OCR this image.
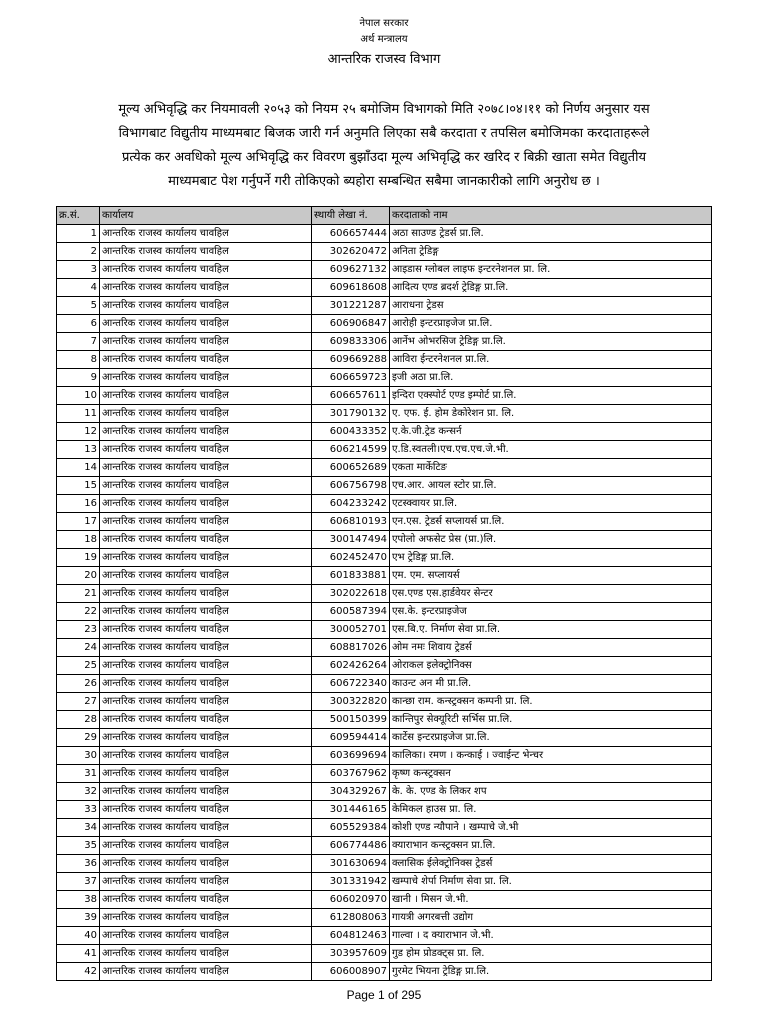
नेपाल सरकार
अर्थ मन्त्रालय
आन्तरिक राजस्व विभाग
मूल्य अभिवृद्धि कर नियमावली २०५३ को नियम २५ बमोजिम विभागको मिति २०७८।०४।११ को निर्णय अनुसार यस
विभागबाट विद्युतीय माध्यमबाट बिजक जारी गर्न अनुमति लिएका सबै करदाता र तपसिल बमोजिमका करदाताहरूले
प्रत्येक कर अवधिको मूल्य अभिवृद्धि कर विवरण बुझाँउदा मूल्य अभिवृद्धि कर खरिद र बिक्री खाता समेत विद्युतीय
माध्यमबाट पेश गर्नुपर्ने गरी तोकिएको ब्यहोरा सम्बन्धित सबैमा जानकारीको लागि अनुरोध छ ।
क्र.सं.	कार्यालय	स्थायी लेखा नं.	करदाताको नाम
1	आन्तरिक राजस्व कार्यालय चावहिल	606657444	अठा साउण्ड ट्रेडर्स प्रा.लि.
2	आन्तरिक राजस्व कार्यालय चावहिल	302620472	अनिता ट्रेडिङ्ग
3	आन्तरिक राजस्व कार्यालय चावहिल	609627132	आइडास ग्लोबल लाइफ इन्टरनेशनल प्रा. लि.
4	आन्तरिक राजस्व कार्यालय चावहिल	609618608	आदित्य एण्ड ब्रदर्श ट्रेडिङ्ग प्रा.लि.
5	आन्तरिक राजस्व कार्यालय चावहिल	301221287	आराधना ट्रेडस
6	आन्तरिक राजस्व कार्यालय चावहिल	606906847	आरोही इन्टरप्राइजेज प्रा.लि.
7	आन्तरिक राजस्व कार्यालय चावहिल	609833306	आर्नेभ ओभरसिज ट्रेडिङ्ग प्रा.लि.
8	आन्तरिक राजस्व कार्यालय चावहिल	609669288	आविरा ईन्टरनेशनल प्रा.लि.
9	आन्तरिक राजस्व कार्यालय चावहिल	606659723	इजी अठा प्रा.लि.
10	आन्तरिक राजस्व कार्यालय चावहिल	606657611	इन्दिरा एक्स्पोर्ट एण्ड इम्पोर्ट प्रा.लि.
11	आन्तरिक राजस्व कार्यालय चावहिल	301790132	ए. एफ. ई. होम डेकोरेशन प्रा. लि.
12	आन्तरिक राजस्व कार्यालय चावहिल	600433352	ए.के.जी.ट्रेड कन्सर्न
13	आन्तरिक राजस्व कार्यालय चावहिल	606214599	ए.डि.स्वतली।एच.एच.एच.जे.भी.
14	आन्तरिक राजस्व कार्यालय चावहिल	600652689	एकता मार्केटिङ
15	आन्तरिक राजस्व कार्यालय चावहिल	606756798	एच.आर. आयल स्टोर प्रा.लि.
16	आन्तरिक राजस्व कार्यालय चावहिल	604233242	एटस्क्वायर प्रा.लि.
17	आन्तरिक राजस्व कार्यालय चावहिल	606810193	एन.एस. ट्रेडर्स सप्लायर्स प्रा.लि.
18	आन्तरिक राजस्व कार्यालय चावहिल	300147494	एपोलो अफसेट प्रेस (प्रा.)लि.
19	आन्तरिक राजस्व कार्यालय चावहिल	602452470	एभ ट्रेडिङ्ग प्रा.लि.
20	आन्तरिक राजस्व कार्यालय चावहिल	601833881	एम. एम. सप्लायर्स
21	आन्तरिक राजस्व कार्यालय चावहिल	302022618	एस.एण्ड एस.हार्डवेयर सेन्टर
22	आन्तरिक राजस्व कार्यालय चावहिल	600587394	एस.के. इन्टरप्राइजेज
23	आन्तरिक राजस्व कार्यालय चावहिल	300052701	एस.बि.ए. निर्माण सेवा प्रा.लि.
24	आन्तरिक राजस्व कार्यालय चावहिल	608817026	ओम नमः शिवाय ट्रेडर्स
25	आन्तरिक राजस्व कार्यालय चावहिल	602426264	ओराकल इलेक्ट्रोनिक्स
26	आन्तरिक राजस्व कार्यालय चावहिल	606722340	काउन्ट अन मी प्रा.लि.
27	आन्तरिक राजस्व कार्यालय चावहिल	300322820	कान्छा राम. कन्स्ट्रक्सन कम्पनी प्रा. लि.
28	आन्तरिक राजस्व कार्यालय चावहिल	500150399	कान्तिपुर सेक्यूरिटी सर्भिस प्रा.लि.
29	आन्तरिक राजस्व कार्यालय चावहिल	609594414	कार्टेस इन्टरप्राइजेज प्रा.लि.
30	आन्तरिक राजस्व कार्यालय चावहिल	603699694	कालिका। रमण । कन्काई । ज्वाईन्ट भेन्चर
31	आन्तरिक राजस्व कार्यालय चावहिल	603767962	कृष्ण कन्स्ट्रक्सन
32	आन्तरिक राजस्व कार्यालय चावहिल	304329267	के. के. एण्ड के लिकर शप
33	आन्तरिक राजस्व कार्यालय चावहिल	301446165	केमिकल हाउस प्रा. लि.
34	आन्तरिक राजस्व कार्यालय चावहिल	605529384	कोशी एण्ड न्यौपाने । खम्पाचे जे.भी
35	आन्तरिक राजस्व कार्यालय चावहिल	606774486	क्याराभान कन्स्ट्रक्सन प्रा.लि.
36	आन्तरिक राजस्व कार्यालय चावहिल	301630694	क्लासिक ईलेक्ट्रोनिक्स ट्रेडर्स
37	आन्तरिक राजस्व कार्यालय चावहिल	301331942	खम्पाचे शेर्पा निर्माण सेवा प्रा. लि.
38	आन्तरिक राजस्व कार्यालय चावहिल	606020970	खानी । मिसन जे.भी.
39	आन्तरिक राजस्व कार्यालय चावहिल	612808063	गायत्री अगरबत्ती उद्योग
40	आन्तरिक राजस्व कार्यालय चावहिल	604812463	गाल्वा । द क्याराभान जे.भी.
41	आन्तरिक राजस्व कार्यालय चावहिल	303957609	गुड होम प्रोडक्ट्स प्रा. लि.
42	आन्तरिक राजस्व कार्यालय चावहिल	606008907	गुरमेट भियना ट्रेडिङ्ग प्रा.लि.
Page 1 of 295
